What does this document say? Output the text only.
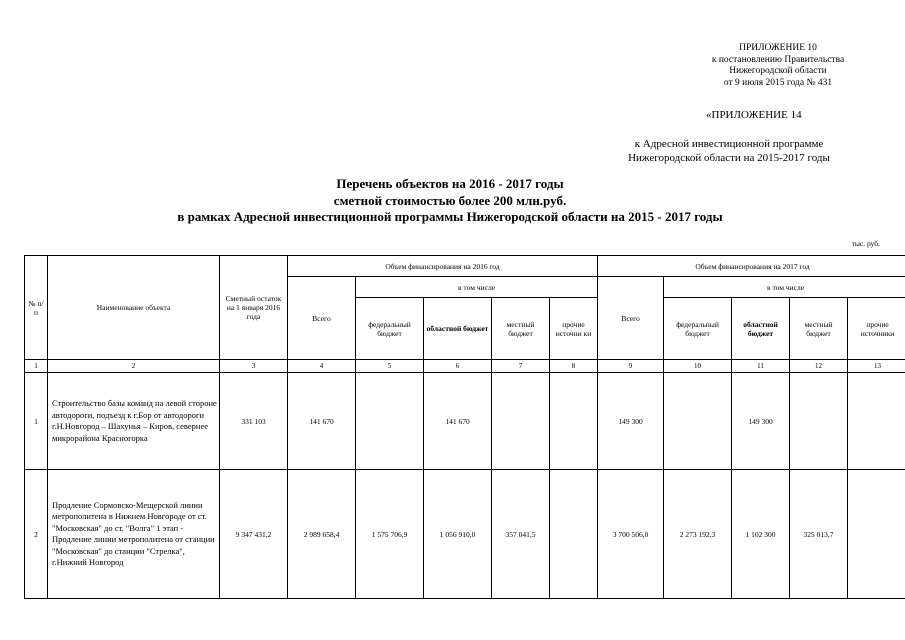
ПРИЛОЖЕНИЕ 10
к постановлению Правительства
Нижегородской области
от 9 июля 2015 года № 431
«ПРИЛОЖЕНИЕ 14
к Адресной инвестиционной программе
Нижегородской области на 2015-2017 годы
Перечень объектов на 2016 - 2017 годы
сметной стоимостью более 200 млн.руб.
в рамках Адресной инвестиционной программы Нижегородской области на 2015 - 2017 годы
тыс. руб.
№ п/п	Наименование объекта	Сметный остаток на 1 января 2016 года	Объем финансирования на 2016 год					Объем финансирования на 2017 год				
			Всего	в том числе				Всего	в том числе			
				федеральный бюджет	областной бюджет	местный бюджет	прочие источни ки		федеральный бюджет	областной бюджет	местный бюджет	прочие источники
1	2	3	4	5	6	7	8	9	10	11	12	13
1	Строительство базы команд на левой стороне автодороги, подъезд к г.Бор от автодороги г.Н.Новгород – Шахунья – Киров, севернее микрорайона Красногорка	331 103	141 670		141 670			149 300		149 300		
2	Продление Сормовско-Мещерской линии метрополитена в Нижнем Новгороде от ст. "Московская" до ст. "Волга" 1 этап - Продление линии метрополитена от станции "Московская" до станции "Стрелка", г.Нижний Новгород	9 347 431,2	2 989 658,4	1 575 706,9	1 056 910,0	357 041,5		3 700 506,0	2 273 192,3	1 102 300	325 013,7	
